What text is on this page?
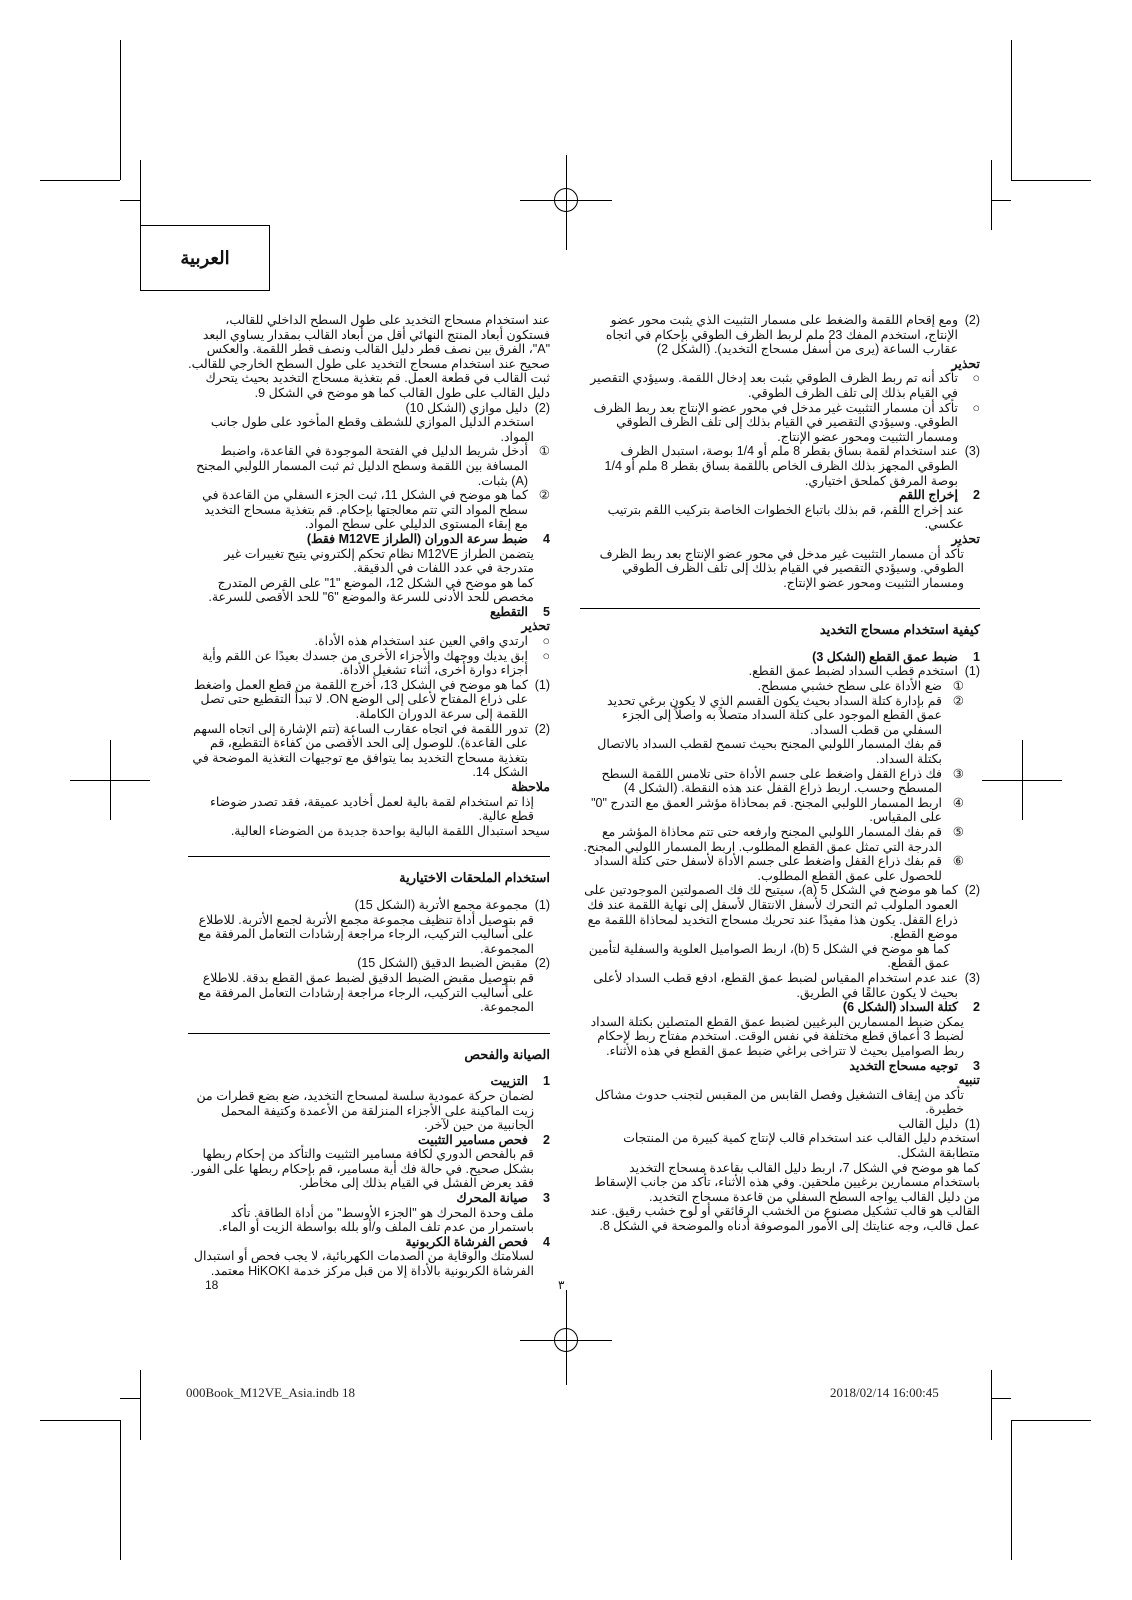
العربية
(2)
ومع إقحام اللقمة والضغط على مسمار التثبيت الذي يثبت محور عضو الإنتاج، استخدم المفك 23 ملم لربط الظرف الطوقي بإحكام في اتجاه عقارب الساعة (يرى من أسفل مسحاج التخديد). (الشكل 2)

تحذير

○
تأكد أنه تم ربط الظرف الطوقي بثبت بعد إدخال اللقمة. وسيؤدي التقصير في القيام بذلك إلى تلف الظرف الطوقي.
○
تأكد أن مسمار التثبيت غير مدخل في محور عضو الإنتاج بعد ربط الظرف الطوقي. وسيؤدي التقصير في القيام بذلك إلى تلف الظرف الطوقي ومسمار التثبيت ومحور عضو الإنتاج.
(3)
عند استخدام لقمة بساق بقطر 8 ملم أو 1/4 بوصة، استبدل الظرف الطوقي المجهز بذلك الظرف الخاص باللقمة بساق بقطر 8 ملم أو 1/4 بوصة المرفق كملحق اختياري.

2إخراج اللقم

عند إخراج اللقم، قم بذلك باتباع الخطوات الخاصة بتركيب اللقم بترتيب عكسي.

تحذير

تأكد أن مسمار التثبيت غير مدخل في محور عضو الإنتاج بعد ربط الظرف الطوقي. وسيؤدي التقصير في القيام بذلك إلى تلف الظرف الطوقي ومسمار التثبيت ومحور عضو الإنتاج.

كيفية استخدام مسحاج التخديد

1ضبط عمق القطع (الشكل 3)

(1)
استخدم قطب السداد لضبط عمق القطع.
①
ضع الأداة على سطح خشبي مسطح.
②
قم بإدارة كتلة السداد بحيث يكون القسم الذي لا يكون برغي تحديد عمق القطع الموجود على كتلة السداد متصلاً به واصلاً إلى الجزء السفلي من قطب السداد.
قم بفك المسمار اللولبي المجنح بحيث تسمح لقطب السداد بالاتصال بكتلة السداد.
③
فك ذراع القفل واضغط على جسم الأداة حتى تلامس اللقمة السطح المسطح وحسب. اربط ذراع القفل عند هذه النقطة. (الشكل 4)
④
اربط المسمار اللولبي المجنح. قم بمحاذاة مؤشر العمق مع التدرج "0" على المقياس.
⑤
قم بفك المسمار اللولبي المجنح وارفعه حتى تتم محاذاة المؤشر مع الدرجة التي تمثل عمق القطع المطلوب. اربط المسمار اللولبي المجنح.
⑥
قم بفك ذراع القفل واضغط على جسم الأداة لأسفل حتى كتلة السداد للحصول على عمق القطع المطلوب.
(2)
كما هو موضح في الشكل 5 (a)، سيتيح لك فك الصمولتين الموجودتين على العمود الملولب ثم التحرك لأسفل الانتقال لأسفل إلى نهاية اللقمة عند فك ذراع القفل. يكون هذا مفيدًا عند تحريك مسحاج التخديد لمحاذاة اللقمة مع موضع القطع.

كما هو موضح في الشكل 5 (b)، اربط الصواميل العلوية والسفلية لتأمين عمق القطع.

(3)
عند عدم استخدام المقياس لضبط عمق القطع، ادفع قطب السداد لأعلى بحيث لا يكون عالقًا في الطريق.

2كتلة السداد (الشكل 6)

يمكن ضبط المسمارين البرغيين لضبط عمق القطع المتصلين بكتلة السداد لضبط 3 أعماق قطع مختلفة في نفس الوقت. استخدم مفتاح ربط لإحكام ربط الصواميل بحيث لا تتراخى براغي ضبط عمق القطع في هذه الأثناء.

3توجيه مسحاج التخديد

تنبيه

تأكد من إيقاف التشغيل وفصل القابس من المقبس لتجنب حدوث مشاكل خطيرة.

(1)
دليل القالب

استخدم دليل القالب عند استخدام قالب لإنتاج كمية كبيرة من المنتجات متطابقة الشكل.

كما هو موضح في الشكل 7، اربط دليل القالب بقاعدة مسحاج التخديد باستخدام مسمارين برغيين ملحقين. وفي هذه الأثناء، تأكد من جانب الإسقاط من دليل القالب يواجه السطح السفلي من قاعدة مسحاج التخديد.

القالب هو قالب تشكيل مصنوع من الخشب الرقائقي أو لوح خشب رقيق. عند عمل قالب، وجه عنايتك إلى الأمور الموصوفة أدناه والموضحة في الشكل 8.

عند استخدام مسحاج التخديد على طول السطح الداخلي للقالب، فستكون أبعاد المنتج النهائي أقل من أبعاد القالب بمقدار يساوي البعد "A"، الفرق بين نصف قطر دليل القالب ونصف قطر اللقمة. والعكس صحيح عند استخدام مسحاج التخديد على طول السطح الخارجي للقالب.

ثبت القالب في قطعة العمل. قم بتغذية مسحاج التخديد بحيث يتحرك دليل القالب على طول القالب كما هو موضح في الشكل 9.

(2)
دليل موازي (الشكل 10)

استخدم الدليل الموازي للشطف وقطع المأخود على طول جانب المواد.

①
أدخل شريط الدليل في الفتحة الموجودة في القاعدة، واضبط المسافة بين اللقمة وسطح الدليل ثم ثبت المسمار اللولبي المجنح (A) بثبات.
②
كما هو موضح في الشكل 11، ثبت الجزء السفلي من القاعدة في سطح المواد التي تتم معالجتها بإحكام. قم بتغذية مسحاج التخديد مع إبقاء المستوى الدليلي على سطح المواد.

4ضبط سرعة الدوران (الطراز M12VE فقط)

يتضمن الطراز M12VE نظام تحكم إلكتروني يتيح تغييرات غير متدرجة في عدد اللفات في الدقيقة.

كما هو موضح في الشكل 12، الموضع "1" على القرص المتدرج مخصص للحد الأدنى للسرعة والموضع "6" للحد الأقصى للسرعة.

5التقطيع

تحذير

○
ارتدي واقي العين عند استخدام هذه الأداة.
○
ابق يديك ووجهك والأجزاء الأخرى من جسدك بعيدًا عن اللقم وأية أجزاء دوارة أخرى، أثناء تشغيل الأداة.
(1)
كما هو موضح في الشكل 13، أخرج اللقمة من قطع العمل واضغط على ذراع المفتاح لأعلى إلى الوضع ON. لا تبدأ التقطيع حتى تصل اللقمة إلى سرعة الدوران الكاملة.
(2)
تدور اللقمة في اتجاه عقارب الساعة (تتم الإشارة إلى اتجاه السهم على القاعدة). للوصول إلى الحد الأقصى من كفاءة التقطيع، قم بتغذية مسحاج التخديد بما يتوافق مع توجيهات التغذية الموضحة في الشكل 14.

ملاحظة

إذا تم استخدام لقمة بالية لعمل أخاديد عميقة، فقد تصدر ضوضاء قطع عالية.

سيحد استبدال اللقمة البالية بواحدة جديدة من الضوضاء العالية.

استخدام الملحقات الاختيارية
(1)
مجموعة مجمع الأتربة (الشكل 15)

قم بتوصيل أداة تنظيف مجموعة مجمع الأتربة لجمع الأتربة. للاطلاع على أساليب التركيب، الرجاء مراجعة إرشادات التعامل المرفقة مع المجموعة.

(2)
مقبض الضبط الدقيق (الشكل 15)

قم بتوصيل مقبض الضبط الدقيق لضبط عمق القطع بدقة. للاطلاع على أساليب التركيب، الرجاء مراجعة إرشادات التعامل المرفقة مع المجموعة.

الصيانة والفحص

1التزييت

لضمان حركة عمودية سلسة لمسحاج التخديد، ضع بضع قطرات من زيت الماكينة على الأجزاء المنزلقة من الأعمدة وكتيفة المحمل الجانبية من حين لآخر.

2فحص مسامير التثبيت

قم بالفحص الدوري لكافة مسامير التثبيت والتأكد من إحكام ربطها بشكل صحيح. في حالة فك أية مسامير، قم بإحكام ربطها على الفور. فقد يعرض الفشل في القيام بذلك إلى مخاطر.

3صيانة المحرك

ملف وحدة المحرك هو "الجزء الأوسط" من أداة الطاقة. تأكد باستمرار من عدم تلف الملف و/أو بلله بواسطة الزيت أو الماء.

4فحص الفرشاة الكربونية

لسلامتك والوقاية من الصدمات الكهربائية، لا يجب فحص أو استبدال الفرشاة الكربونية بالأداة إلا من قبل مركز خدمة HiKOKI معتمد.

18	٣
000Book_M12VE_Asia.indb 18	2018/02/14 16:00:45
